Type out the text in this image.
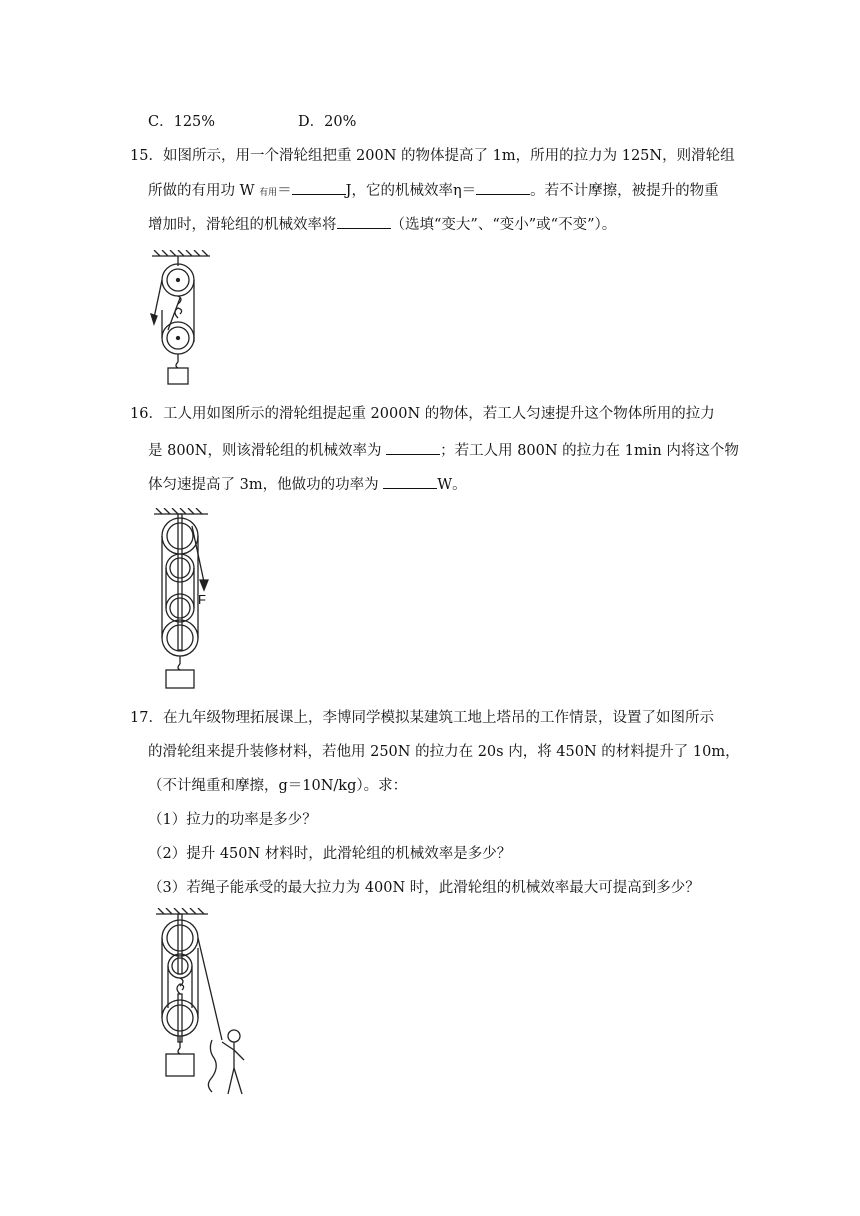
C．125%	D．20%
15．如图所示，用一个滑轮组把重 200N 的物体提高了 1m，所用的拉力为 125N，则滑轮组
所做的有用功 W 有用＝	J，它的机械效率η＝	。若不计摩擦，被提升的物重
增加时，滑轮组的机械效率将	（选填“变大”、“变小”或“不变”）。
16．工人用如图所示的滑轮组提起重 2000N 的物体，若工人匀速提升这个物体所用的拉力
是 800N，则该滑轮组的机械效率为	；若工人用 800N 的拉力在 1min 内将这个物
体匀速提高了 3m，他做功的功率为	W。
F
17．在九年级物理拓展课上，李博同学模拟某建筑工地上塔吊的工作情景，设置了如图所示
的滑轮组来提升装修材料，若他用 250N 的拉力在 20s 内，将 450N 的材料提升了 10m，
（不计绳重和摩擦，g＝10N/kg）。求：
（1）拉力的功率是多少？
（2）提升 450N 材料时，此滑轮组的机械效率是多少？
（3）若绳子能承受的最大拉力为 400N 时，此滑轮组的机械效率最大可提高到多少？
